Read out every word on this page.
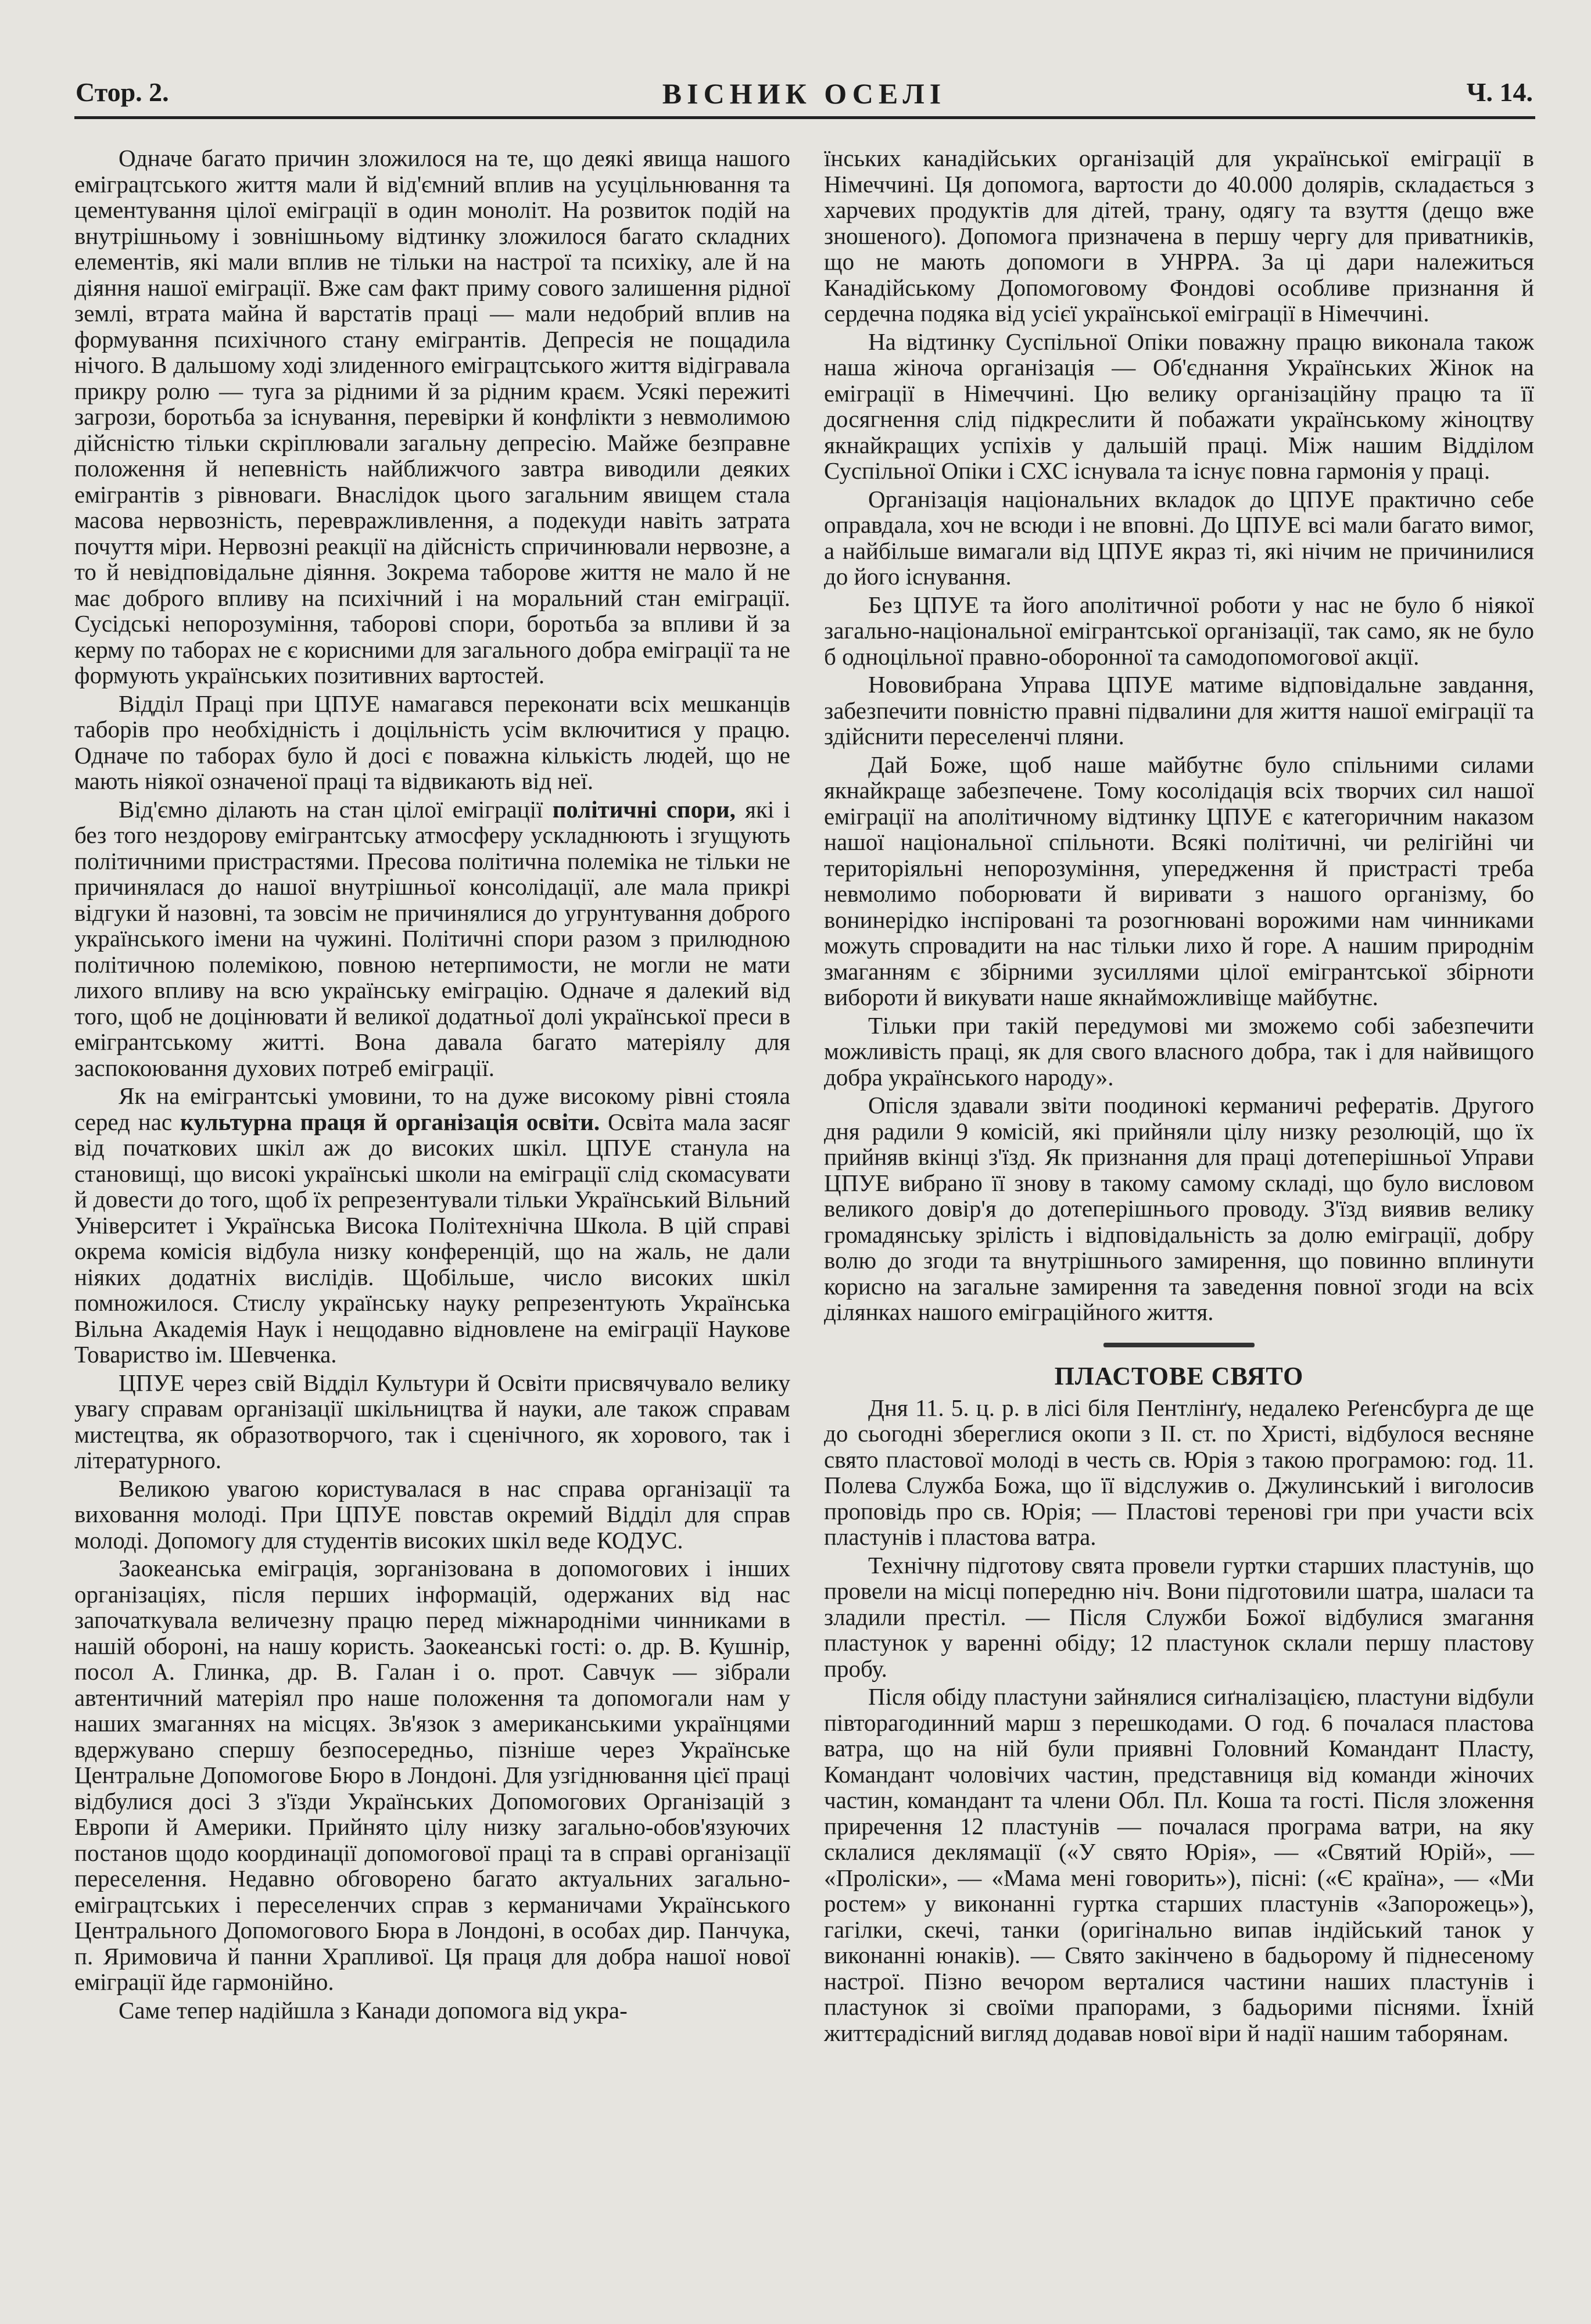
ВІСНИК ОСЕЛІ
Стор. 2.	Ч. 14.

Одначе багато причин зложилося на те, що деякі явища нашого еміграцтського життя мали й від'ємний вплив на усуцільнювання та цементування цілої еміграції в один моноліт. На розвиток подій на внутрішньому і зовнішньому відтинку зложилося багато складних елементів, які мали вплив не тільки на настрої та психіку, але й на діяння нашої еміграції. Вже сам факт приму сового залишення рідної землі, втрата майна й варстатів праці — мали недобрий вплив на формування психічного стану емігрантів. Депресія не пощадила нічого. В дальшому ході злиденного еміграцтського життя відігравала прикру ролю — туга за рідними й за рідним краєм. Усякі пережиті загрози, боротьба за існування, перевірки й конфлікти з невмолимою дійсністю тільки скріплювали загальну депресію. Майже безправне положення й непевність найближчого завтра виводили деяких емігрантів з рівноваги. Внаслідок цього загальним явищем стала масова нервозність, перевражливлення, а подекуди навіть затрата почуття міри. Нервозні реакції на дійсність спричинювали нервозне, а то й невідповідальне діяння. Зокрема таборове життя не мало й не має доброго впливу на психічний і на моральний стан еміграції. Сусідські непорозуміння, таборові спори, боротьба за впливи й за керму по таборах не є корисними для загального добра еміграції та не формують українських позитивних вартостей.

Відділ Праці при ЦПУЕ намагався переконати всіх мешканців таборів про необхідність і доцільність усім включитися у працю. Одначе по таборах було й досі є поважна кількість людей, що не мають ніякої означеної праці та відвикають від неї.

Від'ємно ділають на стан цілої еміграції політичні спори, які і без того нездорову емігрантську атмосферу ускладнюють і згущують політичними пристрастями. Пресова політична полеміка не тільки не причинялася до нашої внутрішньої консолідації, але мала прикрі відгуки й назовні, та зовсім не причинялися до угрунтування доброго українського імени на чужині. Політичні спори разом з прилюдною політичною полемікою, повною нетерпимости, не могли не мати лихого впливу на всю українську еміграцію. Одначе я далекий від того, щоб не доцінювати й великої додатньої долі української преси в емігрантському житті. Вона давала багато матеріялу для заспокоювання духових потреб еміграції.

Як на емігрантські умовини, то на дуже високому рівні стояла серед нас культурна праця й організація освіти. Освіта мала засяг від початкових шкіл аж до високих шкіл. ЦПУЕ станула на становищі, що високі українські школи на еміграції слід скомасувати й довести до того, щоб їх репрезентували тільки Український Вільний Університет і Українська Висока Політехнічна Школа. В цій справі окрема комісія відбула низку конференцій, що на жаль, не дали ніяких додатніх вислідів. Щобільше, число високих шкіл помножилося. Стислу українську науку репрезентують Українська Вільна Академія Наук і нещодавно відновлене на еміграції Наукове Товариство ім. Шевченка.

ЦПУЕ через свій Відділ Культури й Освіти присвячувало велику увагу справам організації шкільництва й науки, але також справам мистецтва, як образотворчого, так і сценічного, як хорового, так і літературного.

Великою увагою користувалася в нас справа організації та виховання молоді. При ЦПУЕ повстав окремий Відділ для справ молоді. Допомогу для студентів високих шкіл веде КОДУС.

Заокеанська еміграція, зорганізована в допомогових і інших організаціях, після перших інформацій, одержаних від нас започаткувала величезну працю перед міжнародніми чинниками в нашій обороні, на нашу користь. Заокеанські гості: о. др. В. Кушнір, посол А. Глинка, др. В. Галан і о. прот. Савчук — зібрали автентичний матеріял про наше положення та допомогали нам у наших змаганнях на місцях. Зв'язок з американськими українцями вдержувано спершу безпосередньо, пізніше через Українське Центральне Допомогове Бюро в Лондоні. Для узгіднювання цієї праці відбулися досі 3 з'їзди Українських Допомогових Організацій з Европи й Америки. Прийнято цілу низку загально-обов'язуючих постанов щодо координації допомогової праці та в справі організації переселення. Недавно обговорено багато актуальних загально-еміграцтських і переселенчих справ з керманичами Українського Центрального Допомогового Бюра в Лондоні, в особах дир. Панчука, п. Яримовича й панни Храпливої. Ця праця для добра нашої нової еміграції йде гармонійно.

Саме тепер надійшла з Канади допомога від укра-

їнських канадійських організацій для української еміграції в Німеччині. Ця допомога, вартости до 40.000 долярів, складається з харчевих продуктів для дітей, трану, одягу та взуття (дещо вже зношеного). Допомога призначена в першу чергу для приватників, що не мають допомоги в УНРРА. За ці дари належиться Канадійському Допомоговому Фондові особливе признання й сердечна подяка від усієї української еміграції в Німеччині.

На відтинку Суспільної Опіки поважну працю виконала також наша жіноча організація — Об'єднання Українських Жінок на еміграції в Німеччині. Цю велику організаційну працю та її досягнення слід підкреслити й побажати українському жіноцтву якнайкращих успіхів у дальшій праці. Між нашим Відділом Суспільної Опіки і СХС існувала та існує повна гармонія у праці.

Організація національних вкладок до ЦПУЕ практично себе оправдала, хоч не всюди і не вповні. До ЦПУЕ всі мали багато вимог, а найбільше вимагали від ЦПУЕ якраз ті, які нічим не причинилися до його існування.

Без ЦПУЕ та його аполітичної роботи у нас не було б ніякої загально-національної емігрантської організації, так само, як не було б одноцільної правно-оборонної та самодопомогової акції.

Нововибрана Управа ЦПУЕ матиме відповідальне завдання, забезпечити повністю правні підвалини для життя нашої еміграції та здійснити переселенчі пляни.

Дай Боже, щоб наше майбутнє було спільними силами якнайкраще забезпечене. Тому косолідація всіх творчих сил нашої еміграції на аполітичному відтинку ЦПУЕ є категоричним наказом нашої національної спільноти. Всякі політичні, чи релігійні чи територіяльні непорозуміння, упередження й пристрасті треба невмолимо поборювати й виривати з нашого організму, бо вонинерідко інспіровані та розогнювані ворожими нам чинниками можуть спровадити на нас тільки лихо й горе. А нашим природнім змаганням є збірними зусиллями цілої емігрантської збірноти вибороти й викувати наше якнайможливіще майбутнє.

Тільки при такій передумові ми зможемо собі забезпечити можливість праці, як для свого власного добра, так і для найвищого добра українського народу».

Опісля здавали звіти поодинокі керманичі рефератів. Другого дня радили 9 комісій, які прийняли цілу низку резолюцій, що їх прийняв вкінці з'їзд. Як признання для праці дотеперішньої Управи ЦПУЕ вибрано її знову в такому самому складі, що було висловом великого довір'я до дотеперішнього проводу. З'їзд виявив велику громадянську зрілість і відповідальність за долю еміграції, добру волю до згоди та внутрішнього замирення, що повинно вплинути корисно на загальне замирення та заведення повної згоди на всіх ділянках нашого еміграційного життя.

ПЛАСТОВЕ СВЯТО

Дня 11. 5. ц. р. в лісі біля Пентлінґу, недалеко Реґенсбурга де ще до сьогодні збереглися окопи з II. ст. по Христі, відбулося весняне свято пластової молоді в честь св. Юрія з такою програмою: год. 11. Полева Служба Божа, що її відслужив о. Джулинський і виголосив проповідь про св. Юрія; — Пластові теренові гри при участи всіх пластунів і пластова ватра.

Технічну підготову свята провели гуртки старших пластунів, що провели на місці попередню ніч. Вони підготовили шатра, шаласи та зладили престіл. — Після Служби Божої відбулися змагання пластунок у варенні обіду; 12 пластунок склали першу пластову пробу.

Після обіду пластуни зайнялися сиґналізацією, пластуни відбули півторагодинний марш з перешкодами. О год. 6 почалася пластова ватра, що на ній були приявні Головний Командант Пласту, Командант чоловічих частин, представниця від команди жіночих частин, командант та члени Обл. Пл. Коша та гості. Після зложення приречення 12 пластунів — почалася програма ватри, на яку склалися деклямації («У свято Юрія», — «Святий Юрій», — «Проліски», — «Мама мені говорить»), пісні: («Є країна», — «Ми ростем» у виконанні гуртка старших пластунів «Запорожець»), гагілки, скечі, танки (оригінально випав індійський танок у виконанні юнаків). — Свято закінчено в бадьорому й піднесеному настрої. Пізно вечором верталися частини наших пластунів і пластунок зі своїми прапорами, з бадьорими піснями. Їхній життєрадісний вигляд додавав нової віри й надії нашим таборянам.
